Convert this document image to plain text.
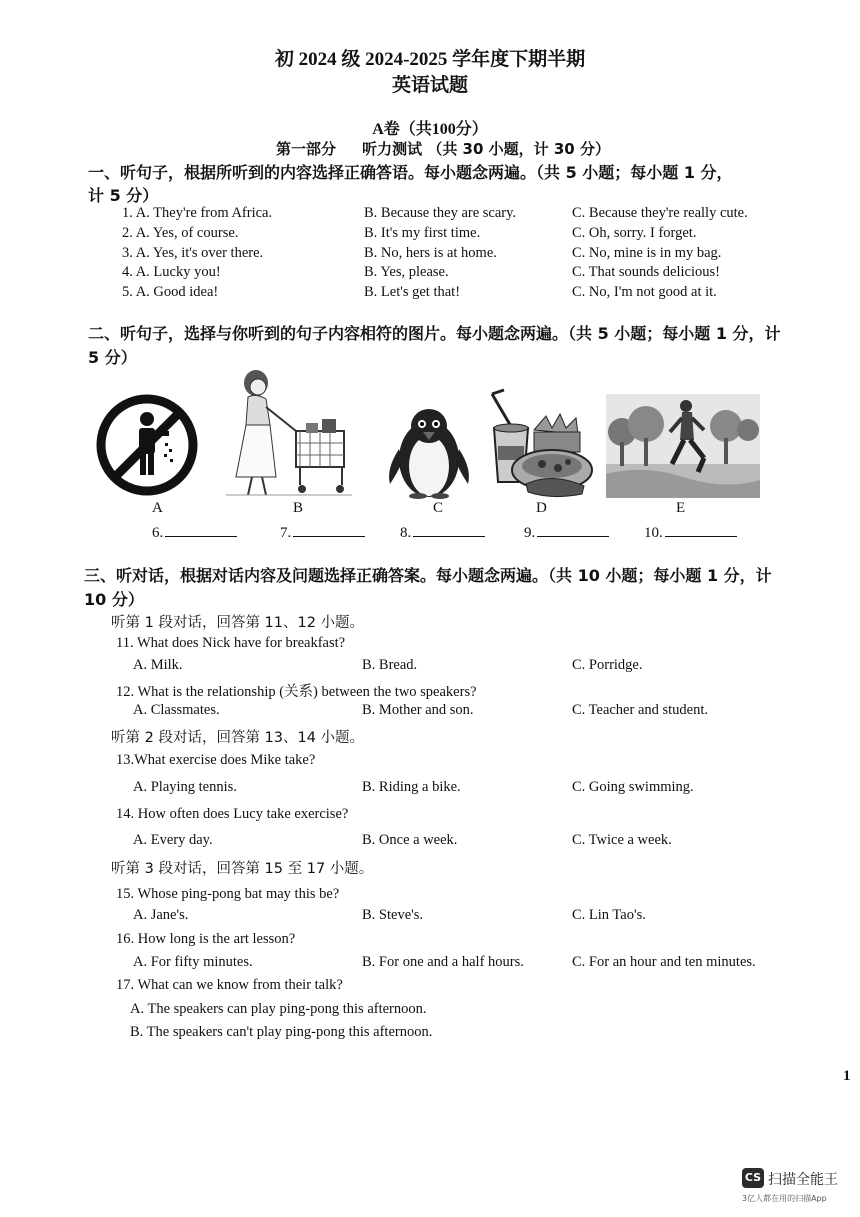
初 2024 级 2024-2025 学年度下期半期
英语试题
A卷（共100分）
第一部分     听力测试 （共 30 小题，计 30 分）
一、听句子，根据所听到的内容选择正确答语。每小题念两遍。（共 5 小题；每小题 1 分，
计 5 分）
1. A. They're from Africa.	B. Because they are scary.	C. Because they're really cute.
2. A. Yes, of course.	B. It's my first time.	C. Oh, sorry. I forget.
3. A. Yes, it's over there.	B. No, hers is at home.	C. No, mine is in my bag.
4. A. Lucky you!	B. Yes, please.	C. That sounds delicious!
5. A. Good idea!	B. Let's get that!	C. No, I'm not good at it.
二、听句子，选择与你听到的句子内容相符的图片。每小题念两遍。（共 5 小题；每小题 1 分，计
5 分）
A	B	C	D	E
6.	7.	8.	9.	10.
三、听对话，根据对话内容及问题选择正确答案。每小题念两遍。（共 10 小题；每小题 1 分，计
10 分）
听第 1 段对话，回答第 11、12 小题。
11. What does Nick have for breakfast?
A. Milk.	B. Bread.	C. Porridge.
12. What is the relationship (关系) between the two speakers?
A. Classmates.	B. Mother and son.	C. Teacher and student.
听第 2 段对话，回答第 13、14 小题。
13.What exercise does Mike take?
A. Playing tennis.	B. Riding a bike.	C. Going swimming.
14. How often does Lucy take exercise?
A. Every day.	B. Once a week.	C. Twice a week.
听第 3 段对话，回答第 15 至 17 小题。
15. Whose ping-pong bat may this be?
A. Jane's.	B. Steve's.	C. Lin Tao's.
16. How long is the art lesson?
A. For fifty minutes.	B. For one and a half hours.	C. For an hour and ten minutes.
17. What can we know from their talk?
A. The speakers can play ping-pong this afternoon.
B. The speakers can't play ping-pong this afternoon.
1
CS 扫描全能王
3亿人都在用的扫描App
